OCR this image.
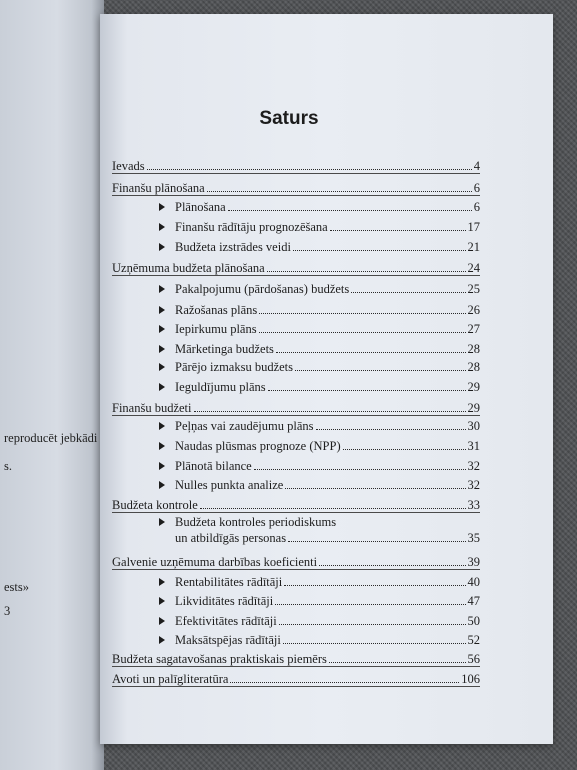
reproducēt jebkādi
s.
ests»
3
Saturs
Ievads	4
Finanšu plānošana	6
Plānošana	6
Finanšu rādītāju prognozēšana	17
Budžeta izstrādes veidi	21
Uzņēmuma budžeta plānošana	24
Pakalpojumu (pārdošanas) budžets	25
Ražošanas plāns	26
Iepirkumu plāns	27
Mārketinga budžets	28
Pārējo izmaksu budžets	28
Ieguldījumu plāns	29
Finanšu budžeti	29
Peļņas vai zaudējumu plāns	30
Naudas plūsmas prognoze (NPP)	31
Plānotā bilance	32
Nulles punkta analize	32
Budžeta kontrole	33
Budžeta kontroles periodiskums
un atbildīgās personas	35
Galvenie uzņēmuma darbības koeficienti	39
Rentabilitātes rādītāji	40
Likviditātes rādītāji	47
Efektivitātes rādītāji	50
Maksātspējas rādītāji	52
Budžeta sagatavošanas praktiskais piemērs	56
Avoti un palīgliteratūra	106
